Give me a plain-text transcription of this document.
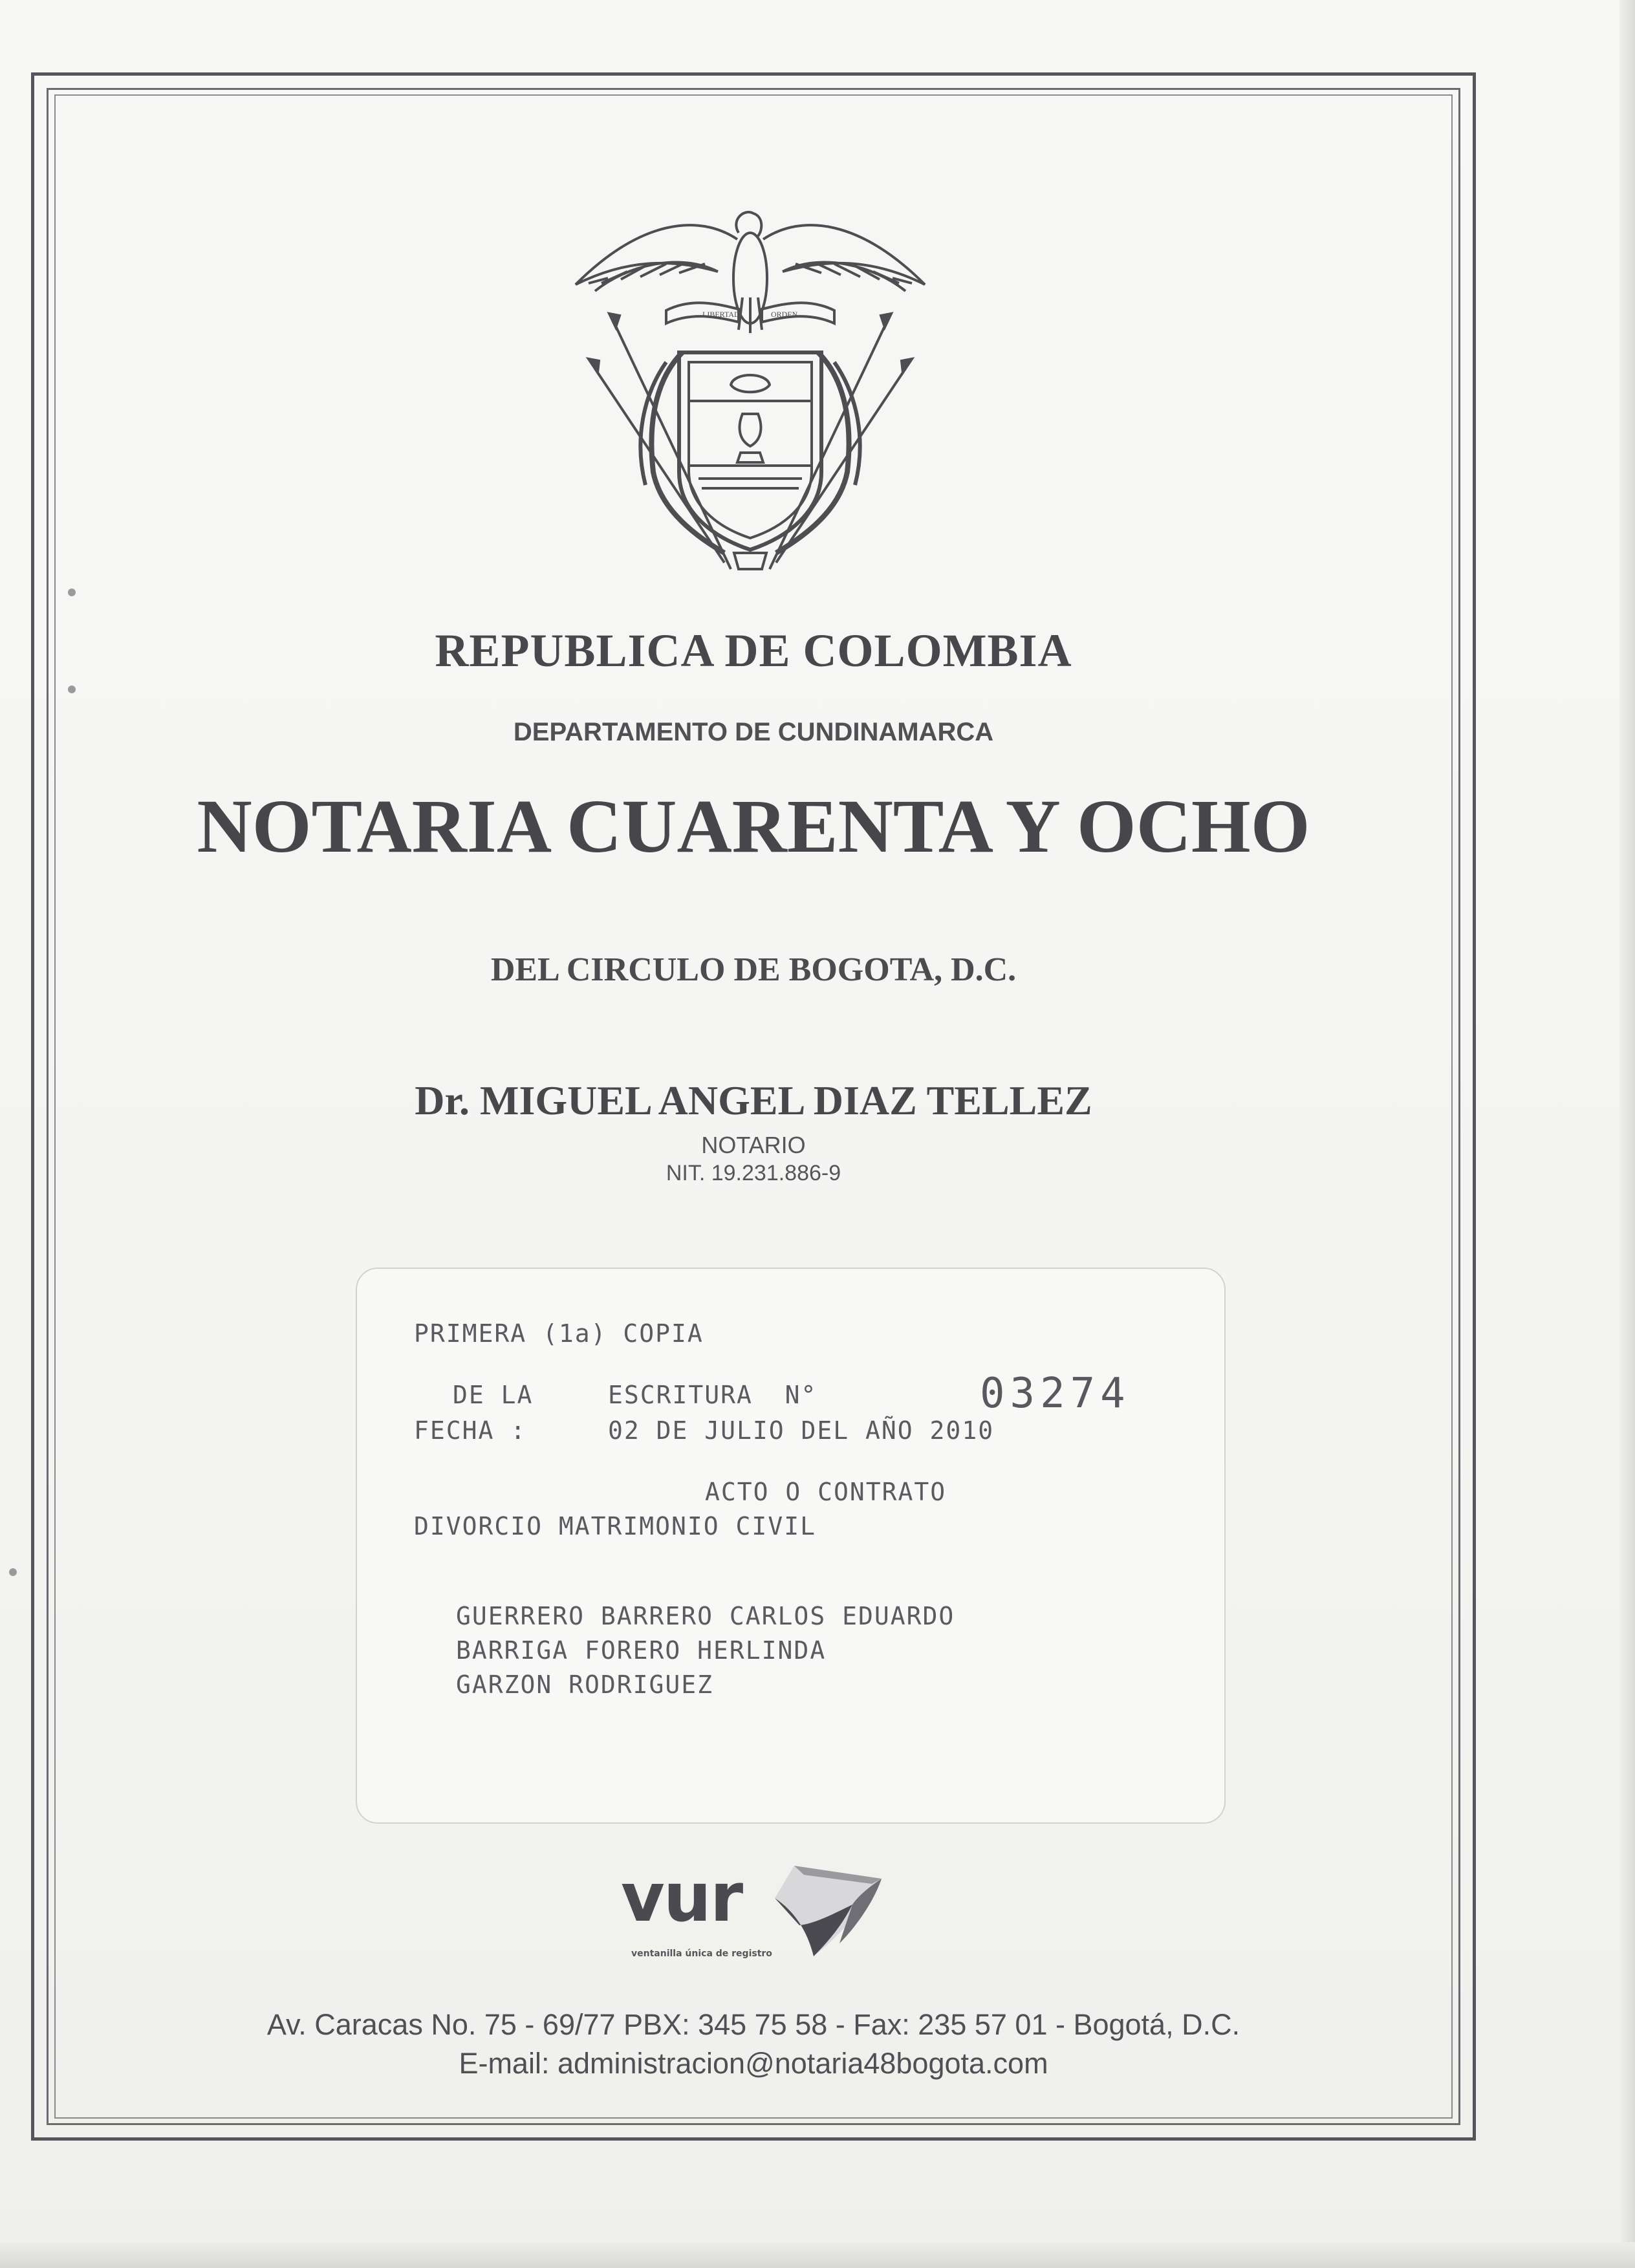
LIBERTAD	ORDEN
REPUBLICA DE COLOMBIA

DEPARTAMENTO DE CUNDINAMARCA

NOTARIA CUARENTA Y OCHO

DEL CIRCULO DE BOGOTA, D.C.

Dr. MIGUEL ANGEL DIAZ TELLEZ

NOTARIO

NIT. 19.231.886-9

PRIMERA (1a) COPIA

DE LA	ESCRITURA  N°	03274

FECHA :	02 DE JULIO DEL AÑO 2010

ACTO O CONTRATO

DIVORCIO MATRIMONIO CIVIL

GUERRERO BARRERO CARLOS EDUARDO

BARRIGA FORERO HERLINDA

GARZON RODRIGUEZ

vur
ventanilla única de registro

Av. Caracas No. 75 - 69/77 PBX: 345 75 58 - Fax: 235 57 01 - Bogotá, D.C.

E-mail: administracion@notaria48bogota.com
